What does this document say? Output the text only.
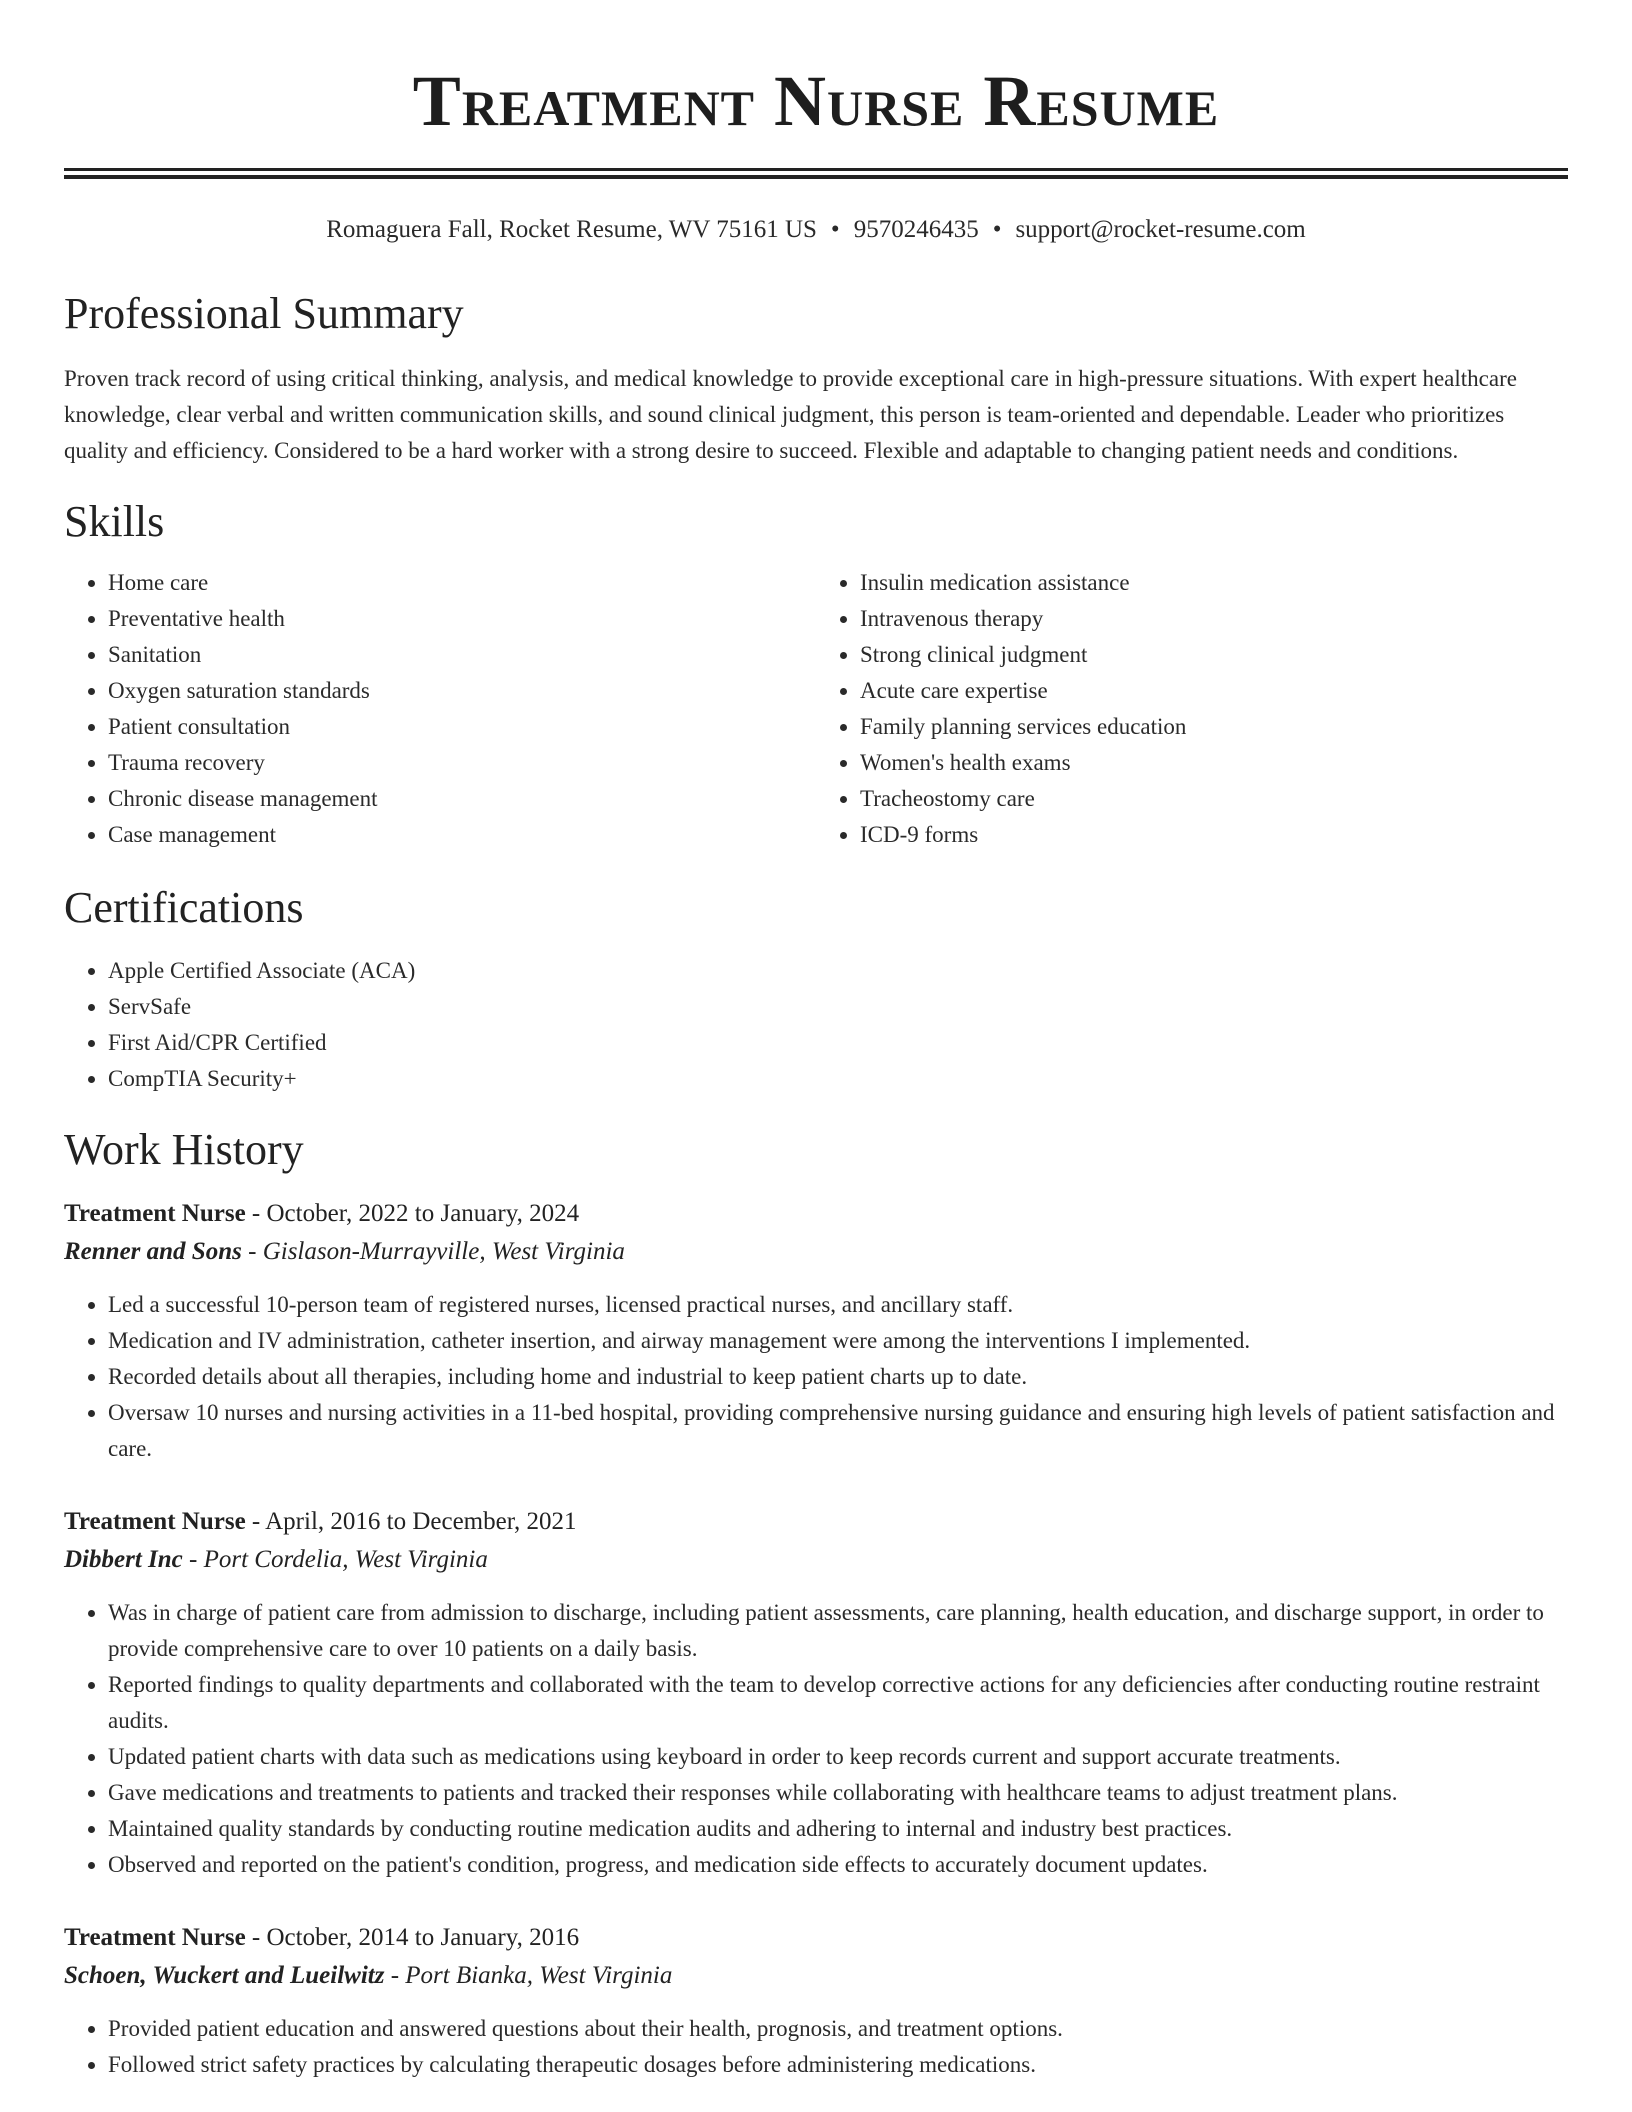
Treatment Nurse Resume
Romaguera Fall, Rocket Resume, WV 75161 US • 9570246435 • support@rocket-resume.com
Professional Summary

Proven track record of using critical thinking, analysis, and medical knowledge to provide exceptional care in high-pressure situations. With expert healthcare knowledge, clear verbal and written communication skills, and sound clinical judgment, this person is team-oriented and dependable. Leader who prioritizes quality and efficiency. Considered to be a hard worker with a strong desire to succeed. Flexible and adaptable to changing patient needs and conditions.

Skills
• Home care
• Preventative health
• Sanitation
• Oxygen saturation standards
• Patient consultation
• Trauma recovery
• Chronic disease management
• Case management
• Insulin medication assistance
• Intravenous therapy
• Strong clinical judgment
• Acute care expertise
• Family planning services education
• Women's health exams
• Tracheostomy care
• ICD-9 forms
Certifications
• Apple Certified Associate (ACA)
• ServSafe
• First Aid/CPR Certified
• CompTIA Security+
Work History
Treatment Nurse - October, 2022 to January, 2024
Renner and Sons - Gislason-Murrayville, West Virginia
• Led a successful 10-person team of registered nurses, licensed practical nurses, and ancillary staff.
• Medication and IV administration, catheter insertion, and airway management were among the interventions I implemented.
• Recorded details about all therapies, including home and industrial to keep patient charts up to date.
• Oversaw 10 nurses and nursing activities in a 11-bed hospital, providing comprehensive nursing guidance and ensuring high levels of patient satisfaction and care.
Treatment Nurse - April, 2016 to December, 2021
Dibbert Inc - Port Cordelia, West Virginia
• Was in charge of patient care from admission to discharge, including patient assessments, care planning, health education, and discharge support, in order to provide comprehensive care to over 10 patients on a daily basis.
• Reported findings to quality departments and collaborated with the team to develop corrective actions for any deficiencies after conducting routine restraint audits.
• Updated patient charts with data such as medications using keyboard in order to keep records current and support accurate treatments.
• Gave medications and treatments to patients and tracked their responses while collaborating with healthcare teams to adjust treatment plans.
• Maintained quality standards by conducting routine medication audits and adhering to internal and industry best practices.
• Observed and reported on the patient's condition, progress, and medication side effects to accurately document updates.
Treatment Nurse - October, 2014 to January, 2016
Schoen, Wuckert and Lueilwitz - Port Bianka, West Virginia
• Provided patient education and answered questions about their health, prognosis, and treatment options.
• Followed strict safety practices by calculating therapeutic dosages before administering medications.
